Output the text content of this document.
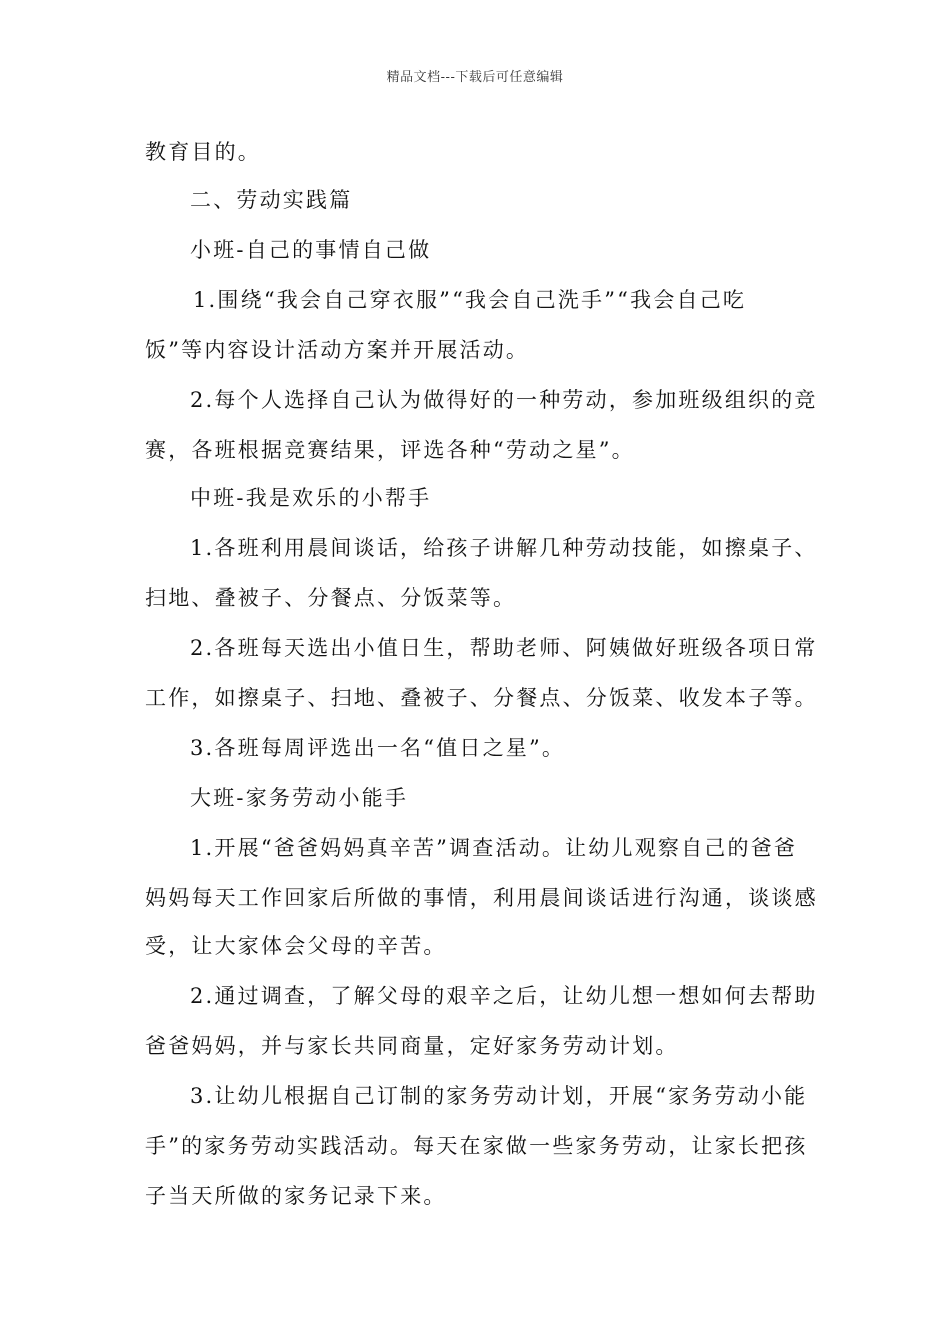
精品文档---下载后可任意编辑
教育目的。
二、劳动实践篇
小班-自己的事情自己做
1.围绕“我会自己穿衣服”“我会自己洗手”“我会自己吃
饭”等内容设计活动方案并开展活动。
2.每个人选择自己认为做得好的一种劳动，参加班级组织的竞
赛，各班根据竞赛结果，评选各种“劳动之星”。
中班-我是欢乐的小帮手
1.各班利用晨间谈话，给孩子讲解几种劳动技能，如擦桌子、
扫地、叠被子、分餐点、分饭菜等。
2.各班每天选出小值日生，帮助老师、阿姨做好班级各项日常
工作，如擦桌子、扫地、叠被子、分餐点、分饭菜、收发本子等。
3.各班每周评选出一名“值日之星”。
大班-家务劳动小能手
1.开展“爸爸妈妈真辛苦”调查活动。让幼儿观察自己的爸爸
妈妈每天工作回家后所做的事情，利用晨间谈话进行沟通，谈谈感
受，让大家体会父母的辛苦。
2.通过调查，了解父母的艰辛之后，让幼儿想一想如何去帮助
爸爸妈妈，并与家长共同商量，定好家务劳动计划。
3.让幼儿根据自己订制的家务劳动计划，开展“家务劳动小能
手”的家务劳动实践活动。每天在家做一些家务劳动，让家长把孩
子当天所做的家务记录下来。
